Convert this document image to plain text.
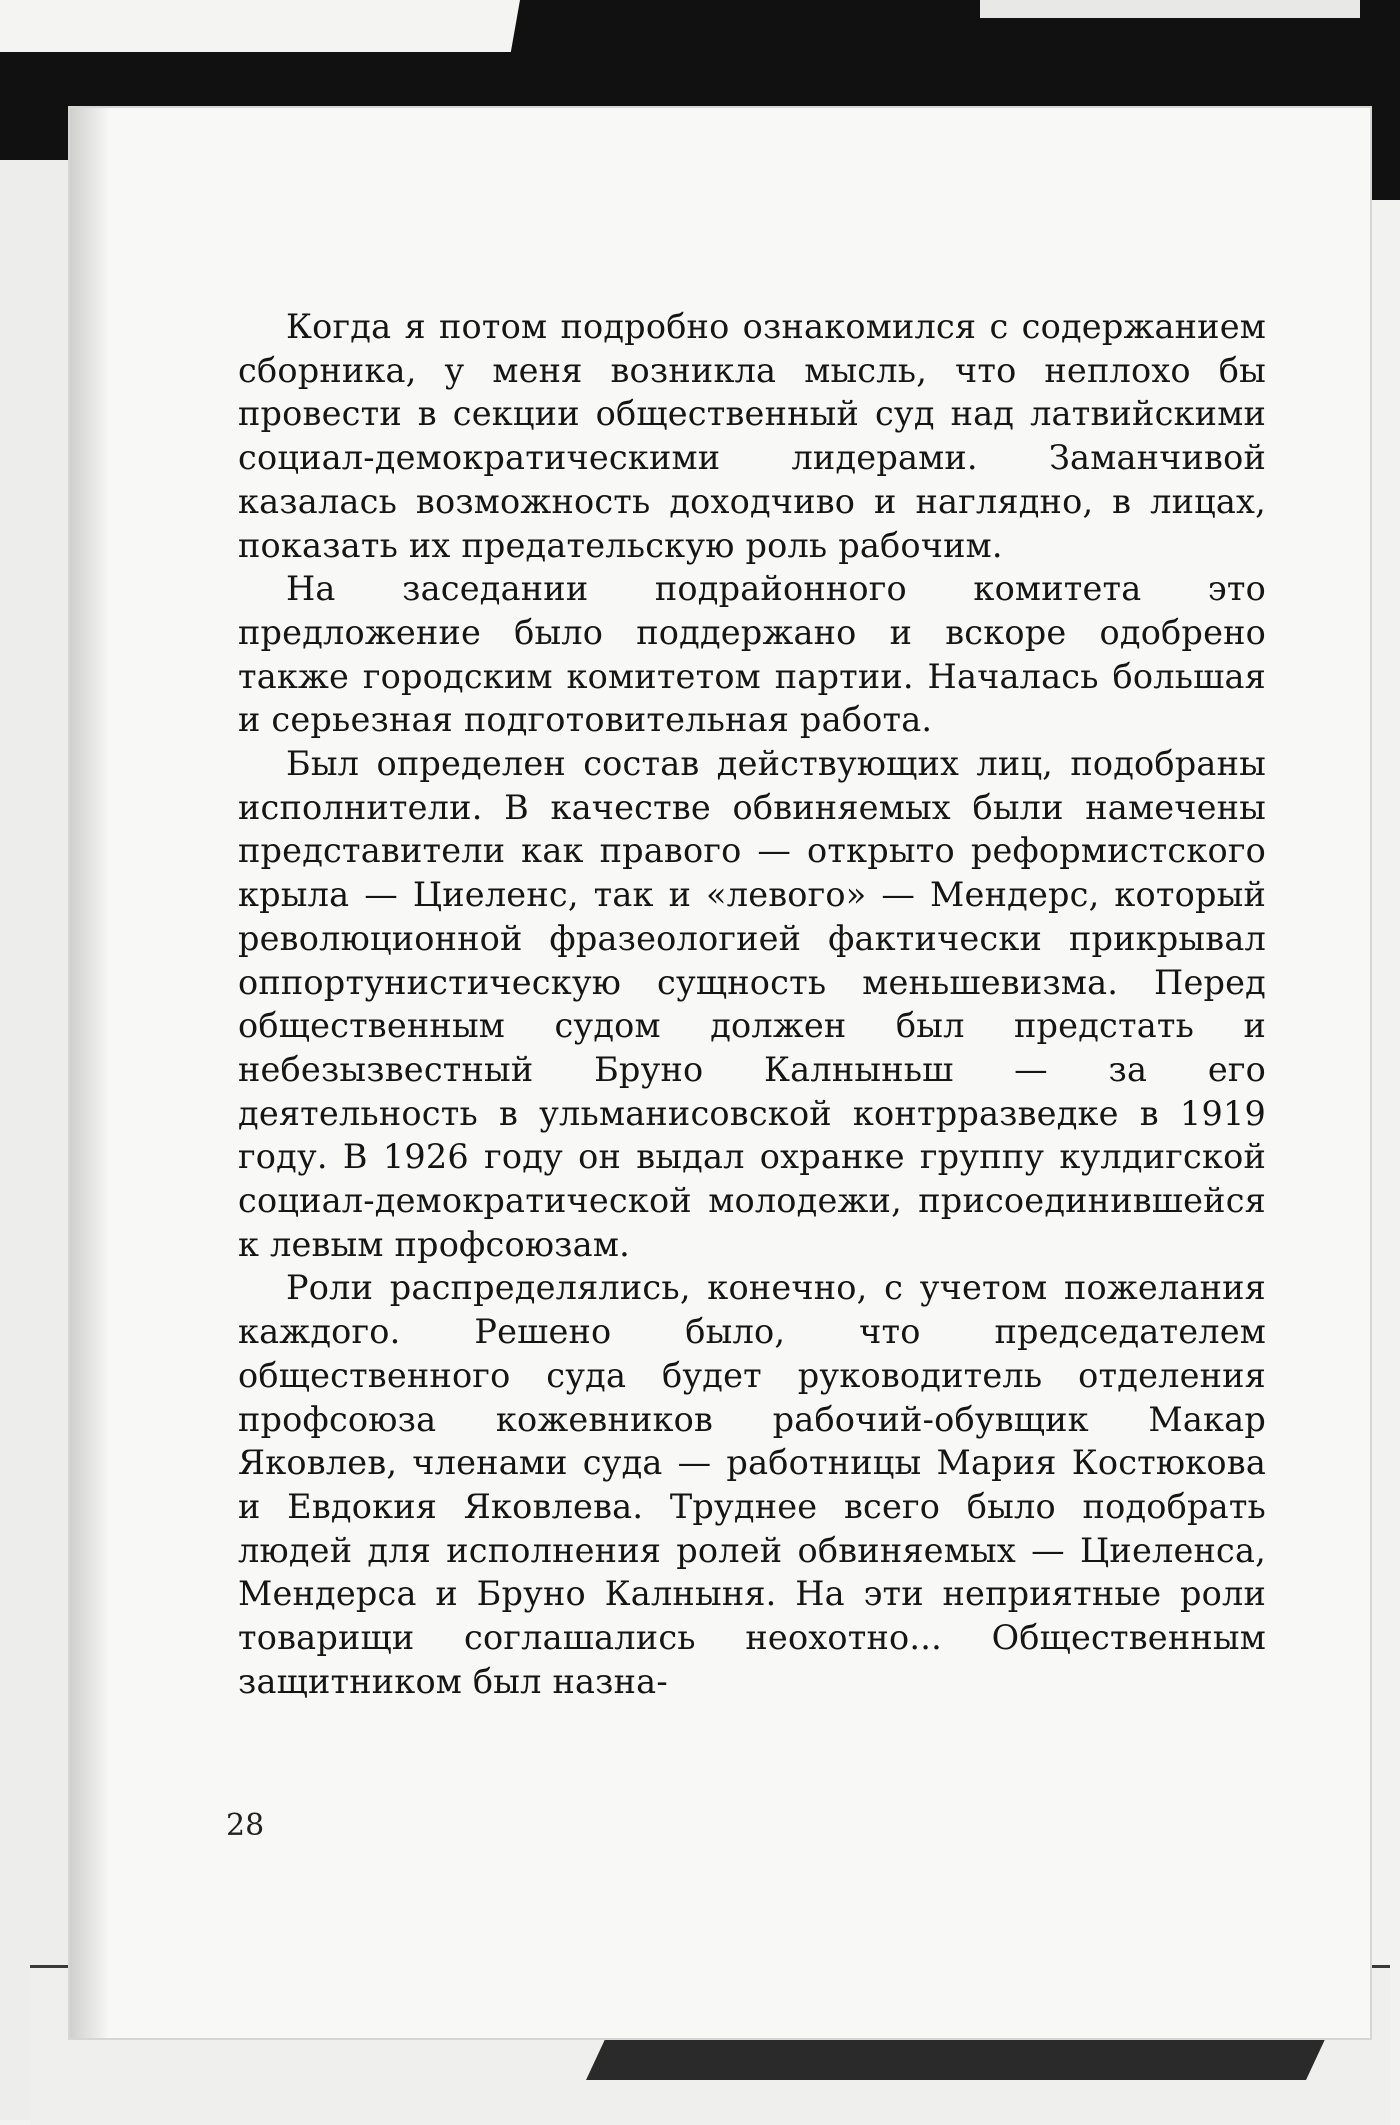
Когда я потом подробно ознакомился с содержанием сборника, у меня возникла мысль, что неплохо бы провести в секции общественный суд над латвийскими социал-демократическими лидерами. Заманчивой казалась возможность доходчиво и наглядно, в лицах, показать их предательскую роль рабочим.

На заседании подрайонного комитета это предложение было поддержано и вскоре одобрено также городским комитетом партии. Началась большая и серьезная подготовительная работа.

Был определен состав действующих лиц, подобраны исполнители. В качестве обвиняемых были намечены представители как правого — открыто реформистского крыла — Циеленс, так и «левого» — Мендерс, который революционной фразеологией фактически прикрывал оппортунистическую сущность меньшевизма. Перед общественным судом должен был предстать и небезызвестный Бруно Калныньш — за его деятельность в ульманисовской контрразведке в 1919 году. В 1926 году он выдал охранке группу кулдигской социал-демократической молодежи, присоединившейся к левым профсоюзам.

Роли распределялись, конечно, с учетом пожелания каждого. Решено было, что председателем общественного суда будет руководитель отделения профсоюза кожевников рабочий-обувщик Макар Яковлев, членами суда — работницы Мария Костюкова и Евдокия Яковлева. Труднее всего было подобрать людей для исполнения ролей обвиняемых — Циеленса, Мендерса и Бруно Калныня. На эти неприятные роли товарищи соглашались неохотно... Общественным защитником был назна-

28
